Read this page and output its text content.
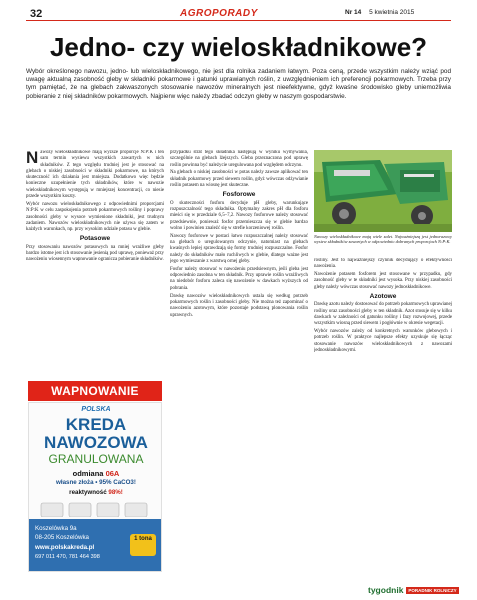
32	AGROPORADY	Nr 14 5 kwietnia 2015
Jedno- czy wieloskładnikowe?
Wybór określonego nawozu, jedno- lub wieloskładnikowego, nie jest dla rolnika zadaniem łatwym. Poza ceną, przede wszystkim należy wziąć pod uwagę aktualną zasobność gleby w składniki pokarmowe i gatunki uprawianych roślin, z uwzględnieniem ich preferencji pokarmowych. Trzeba przy tym pamiętać, że na glebach zakwaszonych stosowanie nawozów mineralnych jest nieefektywne, gdyż kwaśne środowisko gleby uniemożliwia pobieranie z niej składników pokarmowych. Najpierw więc należy zbadać odczyn gleby w naszym gospodarstwie.

Nawozy wieloskładnikowe mają wyższe proporcje N:P:K i ten sam termin wysiewu wszystkich zawartych w nich składników. Z tego względu trudniej jest je stosować na glebach o niskiej zasobności w składniki pokarmowe, na których skuteczność ich działania jest mniejsza. Dodatkowo więc będzie konieczne uzupełnienie tych składników, które w nawozie wieloskładnikowym występują w mniejszej koncentracji, co niesie przede wszystkim koszty.

Wybór nawozu wieloskładnikowego z odpowiednimi proporcjami N:P:K w celu zaspokojenia potrzeb pokarmowych rośliny i poprawy zasobności gleby w wysoce wymienione składniki, jest trudnym zadaniem. Nawozów wieloskładnikowych nie używa się zatem w każdych warunkach, np. przy wysokim udziale potasu w glebie.

Potasowe

Przy stosowaniu nawozów potasowych na mniej wrażliwe gleby bardzo istotne jest ich stosowanie jesienią pod uprawę, ponieważ przy nawożeniu wiosennym wapnowanie ogranicza pobieranie składników.

przypadku strat tego składnika następują w wyniku wymywania, szczególnie na glebach lżejszych. Gleba przeznaczona pod uprawę roślin powinna być należycie uregulowana pod względem odczynu.

Na glebach o niskiej zasobności w potas należy zawsze aplikować ten składnik pokarmowy przed siewem roślin, gdyż wówczas odżywianie roślin potasem na wiosnę jest skuteczne.

Fosforowe

O skuteczności fosforu decyduje pH gleby, warunkujące rozpuszczalność tego składnika. Optymalny zakres pH dla fosforu mieści się w przedziale 6,5–7,2. Nawozy fosforowe należy stosować przedsiewnie, ponieważ fosfor przemieszcza się w glebie bardzo wolno i powinien znaleźć się w strefie korzeniowej roślin.

Nawozy fosforowe w postaci łatwo rozpuszczalnej należy stosować na glebach o uregulowanym odczynie, natomiast na glebach kwaśnych lepiej sprawdzają się formy trudniej rozpuszczalne. Fosfor należy do składników mało ruchliwych w glebie, dlatego ważne jest jego wymieszanie z warstwą ornej gleby.

Fosfor należy stosować w nawożeniu przedsiewnym, jeśli gleba jest odpowiednio zasobna w ten składnik. Przy uprawie roślin wrażliwych na niedobór fosforu zaleca się nawożenie w dawkach wyższych od pobrania.

Dawkę nawozów wieloskładnikowych ustala się według potrzeb pokarmowych roślin i zasobności gleby. Nie można też zapominać o nawożeniu azotowym, które pozostaje podstawą plonowania roślin uprawnych.

Nawozy wieloskładnikowe mają wiele zalet. Najważniejszą jest jednorazowy wysiew składników zawartych w odpowiednio dobranych proporcjach N:P:K.

rośliny. Jest to najważniejszy czynnik decydujący o efektywności nawożenia.

Nawożenie potasem fosforem jest stosowane w przypadku, gdy zasobność gleby w te składniki jest wysoka. Przy niskiej zasobności gleby należy wówczas stosować nawozy jednoskładnikowe.

Azotowe

Dawkę azotu należy dostosować do potrzeb pokarmowych uprawianej rośliny oraz zasobności gleby w ten składnik. Azot stosuje się w kilku dawkach w zależności od gatunku rośliny i fazy rozwojowej, przede wszystkim wiosną przed siewem i pogłównie w okresie wegetacji.

Wybór nawozów zależy od konkretnych warunków glebowych i potrzeb roślin. W praktyce najlepsze efekty uzyskuje się łącząc stosowanie nawozów wieloskładnikowych z nawozami jednoskładnikowymi.

WAPNOWANIE
POLSKA
KREDA
NAWOZOWA
GRANULOWANA
odmiana 06A
własne złoża • 95% CaCO3!
reaktywność 98%!
Koszelówka 9a
08-205 Koszelówka
www.polskakreda.pl
697 011 470, 781 464 398
1 tona
tygodnik PORADNIK ROLNICZY
